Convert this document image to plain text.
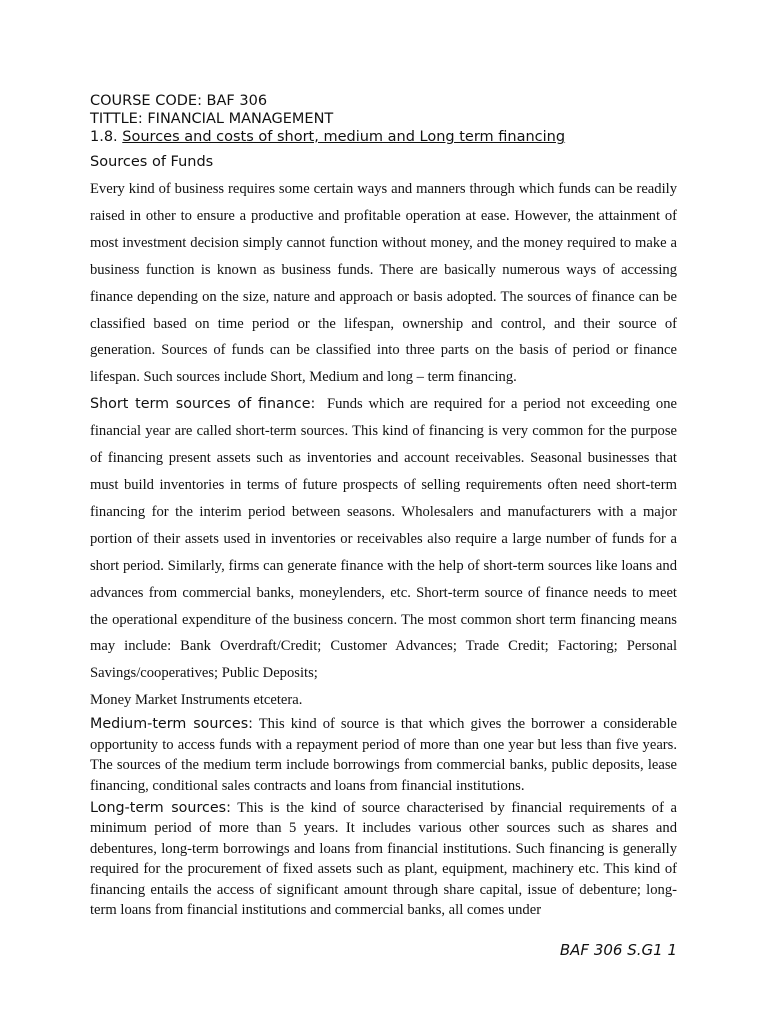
COURSE CODE: BAF 306

TITTLE: FINANCIAL MANAGEMENT

1.8. Sources and costs of short, medium and Long term financing

Sources of Funds

Every kind of business requires some certain ways and manners through which funds can be readily raised in other to ensure a productive and profitable operation at ease. However, the attainment of most investment decision simply cannot function without money, and the money required to make a business function is known as business funds. There are basically numerous ways of accessing finance depending on the size, nature and approach or basis adopted. The sources of finance can be classified based on time period or the lifespan, ownership and control, and their source of generation. Sources of funds can be classified into three parts on the basis of period or finance lifespan. Such sources include Short, Medium and long – term financing.

Short term sources of finance: Funds which are required for a period not exceeding one financial year are called short-term sources. This kind of financing is very common for the purpose of financing present assets such as inventories and account receivables. Seasonal businesses that must build inventories in terms of future prospects of selling requirements often need short-term financing for the interim period between seasons. Wholesalers and manufacturers with a major portion of their assets used in inventories or receivables also require a large number of funds for a short period. Similarly, firms can generate finance with the help of short-term sources like loans and advances from commercial banks, moneylenders, etc. Short-term source of finance needs to meet the operational expenditure of the business concern. The most common short term financing means may include: Bank Overdraft/Credit; Customer Advances; Trade Credit; Factoring; Personal Savings/cooperatives; Public Deposits;

Money Market Instruments etcetera.

Medium-term sources: This kind of source is that which gives the borrower a considerable opportunity to access funds with a repayment period of more than one year but less than five years. The sources of the medium term include borrowings from commercial banks, public deposits, lease financing, conditional sales contracts and loans from financial institutions.

Long-term sources: This is the kind of source characterised by financial requirements of a minimum period of more than 5 years. It includes various other sources such as shares and debentures, long-term borrowings and loans from financial institutions. Such financing is generally required for the procurement of fixed assets such as plant, equipment, machinery etc. This kind of financing entails the access of significant amount through share capital, issue of debenture; long-term loans from financial institutions and commercial banks, all comes under

BAF 306 S.G1 1
